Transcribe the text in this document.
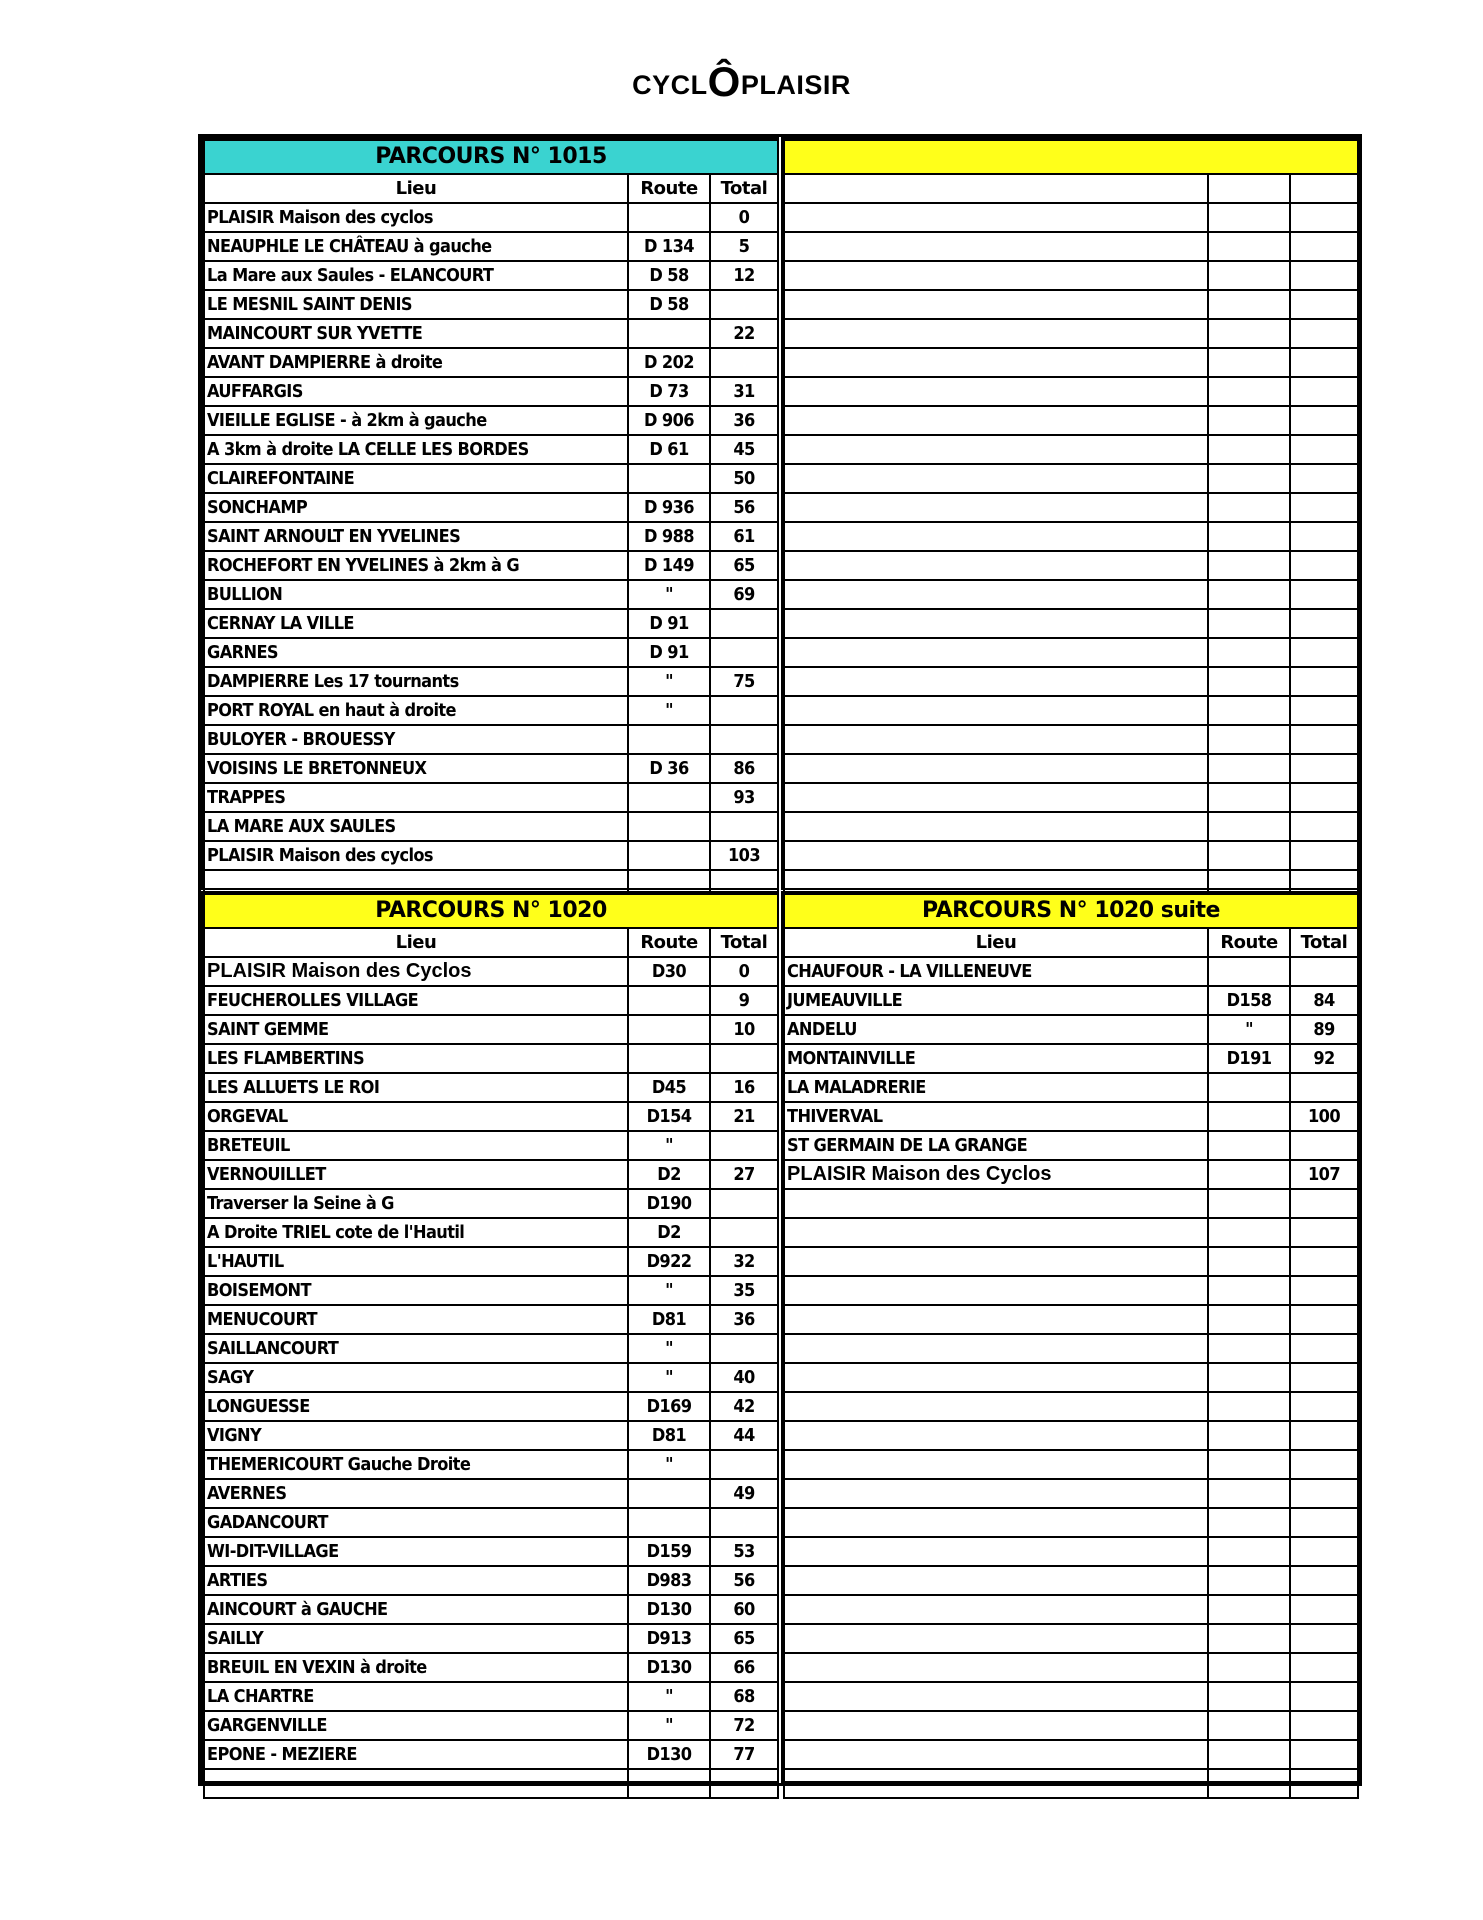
CYCLÔPLAISIR
PARCOURS N° 1015		
Lieu	Route	Total
PLAISIR Maison des cyclos		0
NEAUPHLE LE CHÂTEAU à gauche	D 134	5
La Mare aux Saules - ELANCOURT	D 58	12
LE MESNIL SAINT DENIS	D 58	
MAINCOURT SUR YVETTE		22
AVANT DAMPIERRE à droite	D 202	
AUFFARGIS	D 73	31
VIEILLE EGLISE - à 2km à gauche	D 906	36
A 3km à droite LA CELLE LES BORDES	D 61	45
CLAIREFONTAINE		50
SONCHAMP	D 936	56
SAINT ARNOULT EN YVELINES	D 988	61
ROCHEFORT EN YVELINES à 2km à G	D 149	65
BULLION	"	69
CERNAY LA VILLE	D 91	
GARNES	D 91	
DAMPIERRE Les 17 tournants	"	75
PORT ROYAL en haut à droite	"	
BULOYER - BROUESSY		
VOISINS LE BRETONNEUX	D 36	86
TRAPPES		93
LA MARE AUX SAULES		
PLAISIR Maison des cyclos		103

PARCOURS N° 1020		
Lieu	Route	Total
PLAISIR Maison des Cyclos	D30	0
FEUCHEROLLES VILLAGE		9
SAINT GEMME		10
LES FLAMBERTINS		
LES ALLUETS LE ROI	D45	16
ORGEVAL	D154	21
BRETEUIL	"	
VERNOUILLET	D2	27
Traverser la Seine à G	D190	
A Droite TRIEL cote de l'Hautil	D2	
L'HAUTIL	D922	32
BOISEMONT	"	35
MENUCOURT	D81	36
SAILLANCOURT	"	
SAGY	"	40
LONGUESSE	D169	42
VIGNY	D81	44
THEMERICOURT Gauche Droite	"	
AVERNES		49
GADANCOURT		
WI-DIT-VILLAGE	D159	53
ARTIES	D983	56
AINCOURT à GAUCHE	D130	60
SAILLY	D913	65
BREUIL EN VEXIN à droite	D130	66
LA CHARTRE	"	68
GARGENVILLE	"	72
EPONE - MEZIERE	D130	77

PARCOURS N° 1020 suite		
Lieu	Route	Total
CHAUFOUR - LA VILLENEUVE		
JUMEAUVILLE	D158	84
ANDELU	"	89
MONTAINVILLE	D191	92
LA MALADRERIE		
THIVERVAL		100
ST GERMAIN DE LA GRANGE		
PLAISIR Maison des Cyclos		107
